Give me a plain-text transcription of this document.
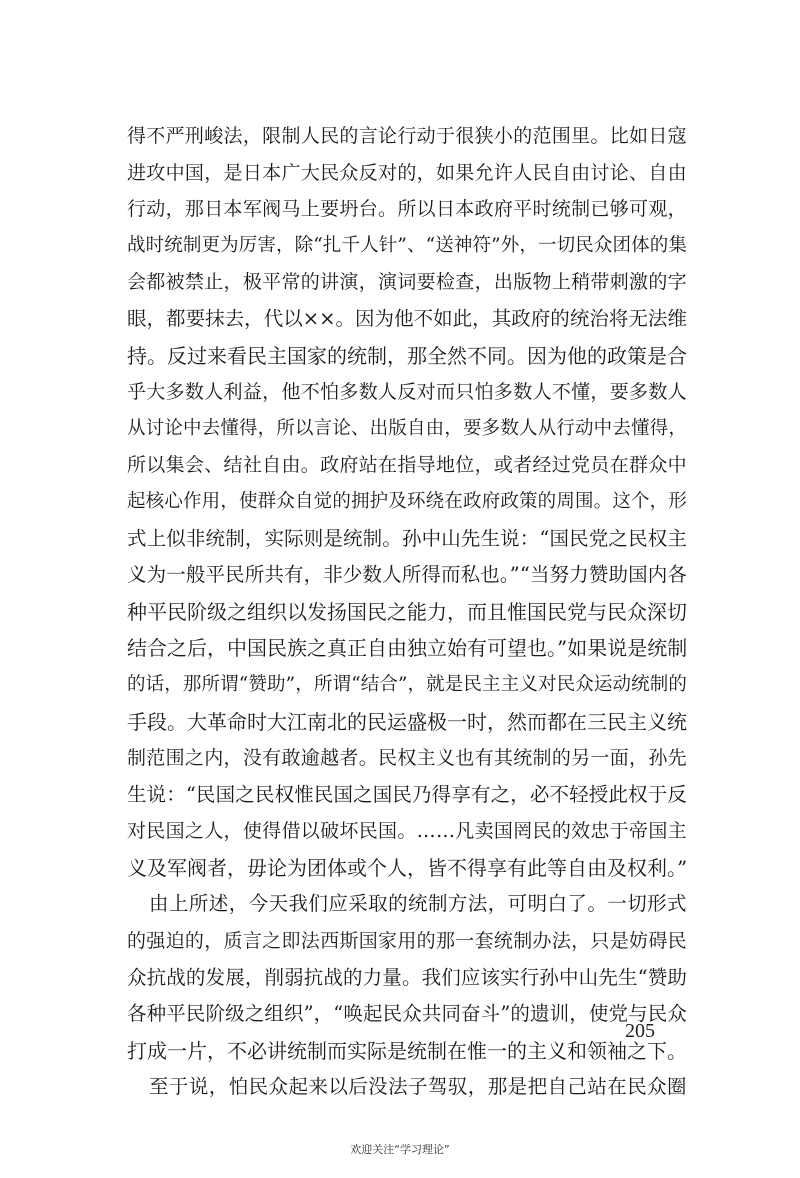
得不严刑峻法，限制人民的言论行动于很狭小的范围里。比如日寇
进攻中国，是日本广大民众反对的，如果允许人民自由讨论、自由
行动，那日本军阀马上要坍台。所以日本政府平时统制已够可观，
战时统制更为厉害，除“扎千人针”、“送神符”外，一切民众团体的集
会都被禁止，极平常的讲演，演词要检查，出版物上稍带刺激的字
眼，都要抹去，代以××。因为他不如此，其政府的统治将无法维
持。反过来看民主国家的统制，那全然不同。因为他的政策是合
乎大多数人利益，他不怕多数人反对而只怕多数人不懂，要多数人
从讨论中去懂得，所以言论、出版自由，要多数人从行动中去懂得，
所以集会、结社自由。政府站在指导地位，或者经过党员在群众中
起核心作用，使群众自觉的拥护及环绕在政府政策的周围。这个，形
式上似非统制，实际则是统制。孙中山先生说：“国民党之民权主
义为一般平民所共有，非少数人所得而私也。”“当努力赞助国内各
种平民阶级之组织以发扬国民之能力，而且惟国民党与民众深切
结合之后，中国民族之真正自由独立始有可望也。”如果说是统制
的话，那所谓“赞助”，所谓“结合”，就是民主主义对民众运动统制的
手段。大革命时大江南北的民运盛极一时，然而都在三民主义统
制范围之内，没有敢逾越者。民权主义也有其统制的另一面，孙先
生说：“民国之民权惟民国之国民乃得享有之，必不轻授此权于反
对民国之人，使得借以破坏民国。……凡卖国罔民的效忠于帝国主
义及军阀者，毋论为团体或个人，皆不得享有此等自由及权利。”
由上所述，今天我们应采取的统制方法，可明白了。一切形式
的强迫的，质言之即法西斯国家用的那一套统制办法，只是妨碍民
众抗战的发展，削弱抗战的力量。我们应该实行孙中山先生“赞助
各种平民阶级之组织”，“唤起民众共同奋斗”的遗训，使党与民众
打成一片，不必讲统制而实际是统制在惟一的主义和领袖之下。
至于说，怕民众起来以后没法子驾驭，那是把自己站在民众圈
205
欢迎关注“学习理论”
